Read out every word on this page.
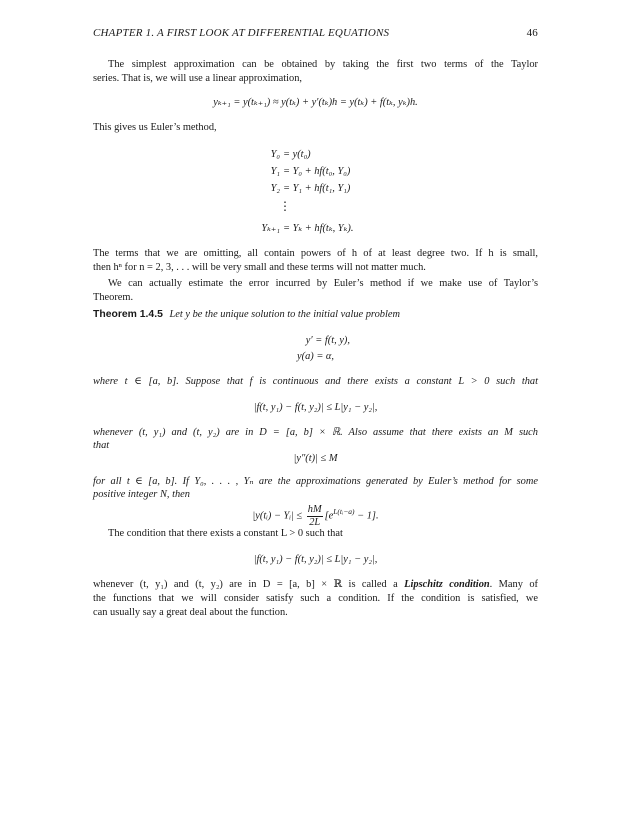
CHAPTER 1. A FIRST LOOK AT DIFFERENTIAL EQUATIONS	46
The simplest approximation can be obtained by taking the first two terms of the Taylor
series. That is, we will use a linear approximation,
yₖ₊₁ = y(tₖ₊₁) ≈ y(tₖ) + y′(tₖ)h = y(tₖ) + f(tₖ, yₖ)h.
This gives us Euler’s method,
Y₀ = y(t₀)
Y₁ = Y₀ + hf(t₀, Y₀)
Y₂ = Y₁ + hf(t₁, Y₁)
⋮
Yₖ₊₁ = Yₖ + hf(tₖ, Yₖ).
The terms that we are omitting, all contain powers of h of at least degree two. If h is small,
then hⁿ for n = 2, 3, . . . will be very small and these terms will not matter much.
We can actually estimate the error incurred by Euler’s method if we make use of Taylor’s
Theorem.
Theorem 1.4.5 Let y be the unique solution to the initial value problem
y′ = f(t, y),
y(a) = α,
where t ∈ [a, b]. Suppose that f is continuous and there exists a constant L > 0 such that
|f(t, y₁) − f(t, y₂)| ≤ L|y₁ − y₂|,
whenever (t, y₁) and (t, y₂) are in D = [a, b] × ℝ. Also assume that there exists an M such
that
|y″(t)| ≤ M
for all t ∈ [a, b]. If Y₀, . . . , Yₙ are the approximations generated by Euler’s method for some
positive integer N, then
|y(tᵢ) − Yᵢ| ≤ $\frac{hM}{2L} [e^{L(tᵢ-a)} - 1]$.
The condition that there exists a constant L > 0 such that
|f(t, y₁) − f(t, y₂)| ≤ L|y₁ − y₂|,
whenever (t, y₁) and (t, y₂) are in D = [a, b] × ℝ is called a Lipschitz condition. Many of
the functions that we will consider satisfy such a condition. If the condition is satisfied, we
can usually say a great deal about the function.
